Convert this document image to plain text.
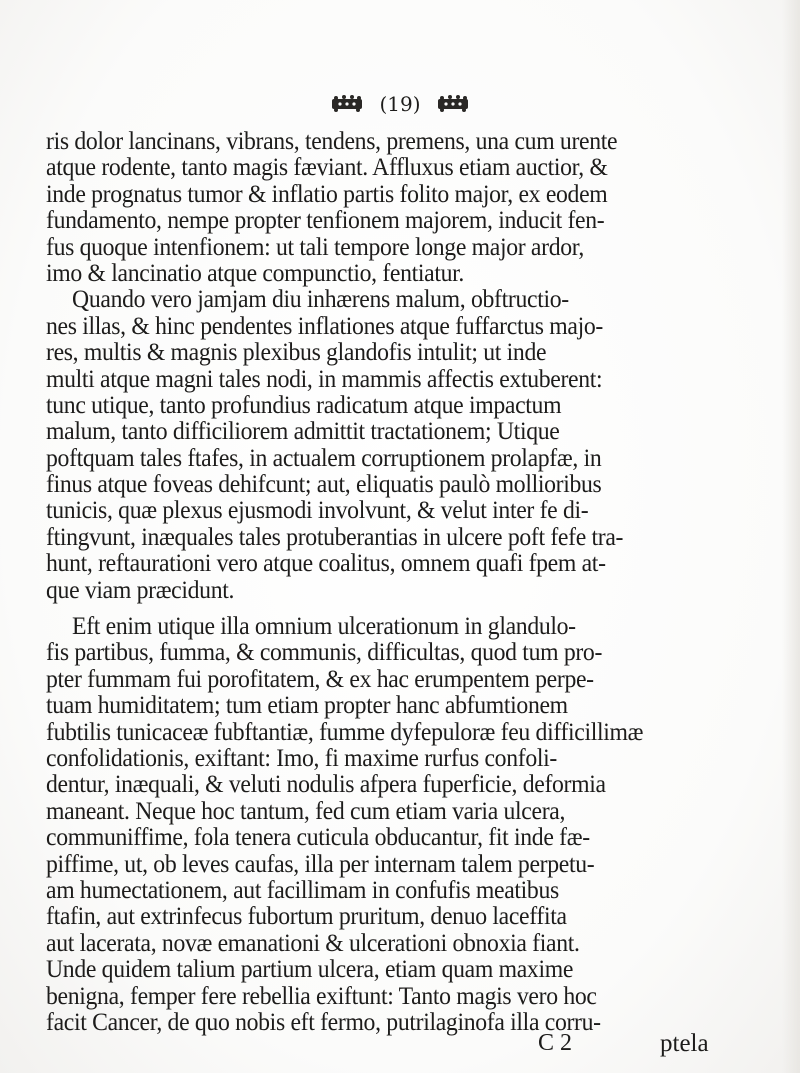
(19)
ris dolor lancinans, vibrans, tendens, premens, una cum urente
atque rodente, tanto magis fæviant. Affluxus etiam auctior, &
inde prognatus tumor & inflatio partis folito major, ex eodem
fundamento, nempe propter tenfionem majorem, inducit fen-
fus quoque intenfionem: ut tali tempore longe major ardor,
imo & lancinatio atque compunctio, fentiatur.
Quando vero jamjam diu inhærens malum, obftructio-
nes illas, & hinc pendentes inflationes atque fuffarctus majo-
res, multis & magnis plexibus glandofis intulit; ut inde
multi atque magni tales nodi, in mammis affectis extuberent:
tunc utique, tanto profundius radicatum atque impactum
malum, tanto difficiliorem admittit tractationem; Utique
poftquam tales ftafes, in actualem corruptionem prolapfæ, in
finus atque foveas dehifcunt; aut, eliquatis paulò mollioribus
tunicis, quæ plexus ejusmodi involvunt, & velut inter fe di-
ftingvunt, inæquales tales protuberantias in ulcere poft fefe tra-
hunt, reftaurationi vero atque coalitus, omnem quafi fpem at-
que viam præcidunt.
Eft enim utique illa omnium ulcerationum in glandulo-
fis partibus, fumma, & communis, difficultas, quod tum pro-
pter fummam fui porofitatem, & ex hac erumpentem perpe-
tuam humiditatem; tum etiam propter hanc abfumtionem
fubtilis tunicaceæ fubftantiæ, fumme dyfepuloræ feu difficillimæ
confolidationis, exiftant: Imo, fi maxime rurfus confoli-
dentur, inæquali, & veluti nodulis afpera fuperficie, deformia
maneant. Neque hoc tantum, fed cum etiam varia ulcera,
communiffime, fola tenera cuticula obducantur, fit inde fæ-
piffime, ut, ob leves caufas, illa per internam talem perpetu-
am humectationem, aut facillimam in confufis meatibus
ftafin, aut extrinfecus fubortum pruritum, denuo laceffita
aut lacerata, novæ emanationi & ulcerationi obnoxia fiant.
Unde quidem talium partium ulcera, etiam quam maxime
benigna, femper fere rebellia exiftunt: Tanto magis vero hoc
facit Cancer, de quo nobis eft fermo, putrilaginofa illa corru-
C 2	ptela
